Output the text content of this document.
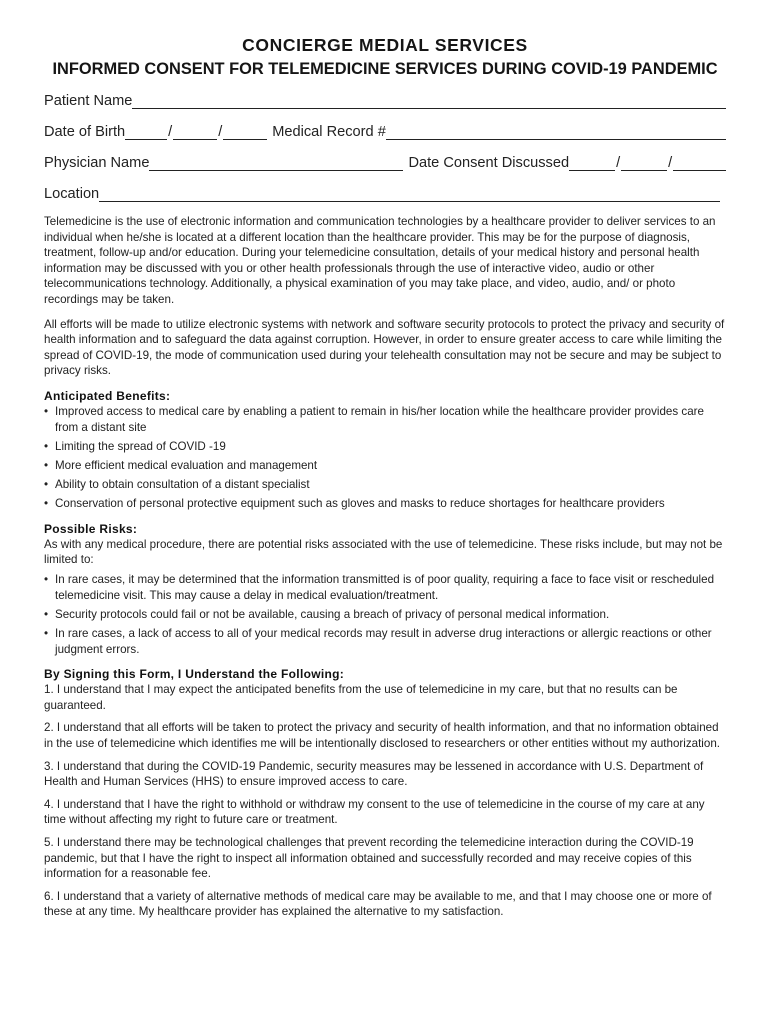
CONCIERGE MEDIAL SERVICES
INFORMED CONSENT FOR TELEMEDICINE SERVICES DURING COVID-19 PANDEMIC
Patient Name
Date of Birth	/	/	Medical Record #
Physician Name	Date Consent Discussed	/	/
Location

Telemedicine is the use of electronic information and communication technologies by a healthcare provider to deliver services to an individual when he/she is located at a different location than the healthcare provider. This may be for the purpose of diagnosis, treatment, follow-up and/or education. During your telemedicine consultation, details of your medical history and personal health information may be discussed with you or other health professionals through the use of interactive video, audio or other telecommunications technology. Additionally, a physical examination of you may take place, and video, audio, and/ or photo recordings may be taken.

All efforts will be made to utilize electronic systems with network and software security protocols to protect the privacy and security of health information and to safeguard the data against corruption. However, in order to ensure greater access to care while limiting the spread of COVID-19, the mode of communication used during your telehealth consultation may not be secure and may be subject to privacy risks.

Anticipated Benefits:
• Improved access to medical care by enabling a patient to remain in his/her location while the healthcare provider provides care from a distant site
• Limiting the spread of COVID -19
• More efficient medical evaluation and management
• Ability to obtain consultation of a distant specialist
• Conservation of personal protective equipment such as gloves and masks to reduce shortages for healthcare providers
Possible Risks:

As with any medical procedure, there are potential risks associated with the use of telemedicine. These risks include, but may not be limited to:

• In rare cases, it may be determined that the information transmitted is of poor quality, requiring a face to face visit or rescheduled telemedicine visit. This may cause a delay in medical evaluation/treatment.
• Security protocols could fail or not be available, causing a breach of privacy of personal medical information.
• In rare cases, a lack of access to all of your medical records may result in adverse drug interactions or allergic reactions or other judgment errors.
By Signing this Form, I Understand the Following:
1. I understand that I may expect the anticipated benefits from the use of telemedicine in my care, but that no results can be guaranteed.
2. I understand that all efforts will be taken to protect the privacy and security of health information, and that no information obtained in the use of telemedicine which identifies me will be intentionally disclosed to researchers or other entities without my authorization.
3. I understand that during the COVID-19 Pandemic, security measures may be lessened in accordance with U.S. Department of Health and Human Services (HHS) to ensure improved access to care.
4. I understand that I have the right to withhold or withdraw my consent to the use of telemedicine in the course of my care at any time without affecting my right to future care or treatment.
5. I understand there may be technological challenges that prevent recording the telemedicine interaction during the COVID-19 pandemic, but that I have the right to inspect all information obtained and successfully recorded and may receive copies of this information for a reasonable fee.
6. I understand that a variety of alternative methods of medical care may be available to me, and that I may choose one or more of these at any time. My healthcare provider has explained the alternative to my satisfaction.
